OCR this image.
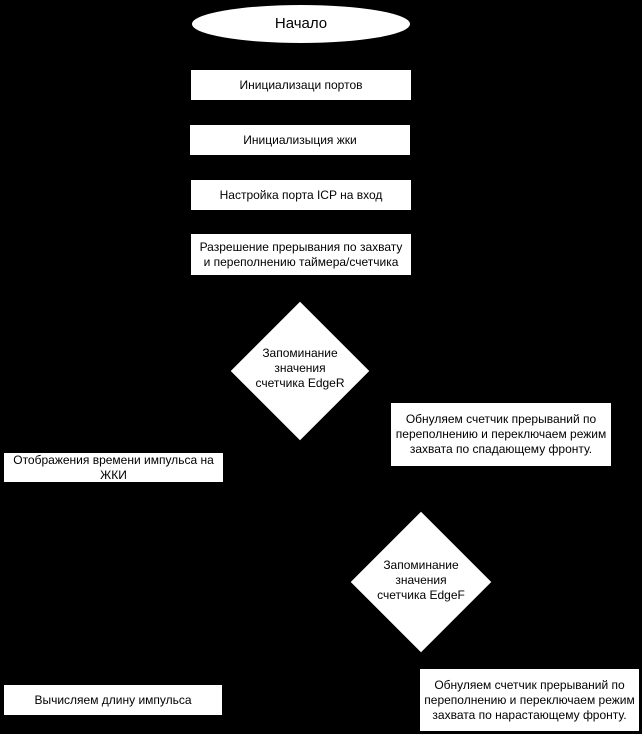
Начало
Инициализаци портов
Инициализыция жки
Настройка порта ICP на вход
Разрешение прерывания по захвату и переполнению таймера/счетчика
Запоминание значения счетчика EdgeR
Обнуляем счетчик прерываний по переполнению и переключаем режим захвата по спадающему фронту.
Отображения времени импульса на ЖКИ
Запоминание значения счетчика EdgeF
Вычисляем длину импульса
Обнуляем счетчик прерываний по переполнению и переключаем режим захвата по нарастающему фронту.
